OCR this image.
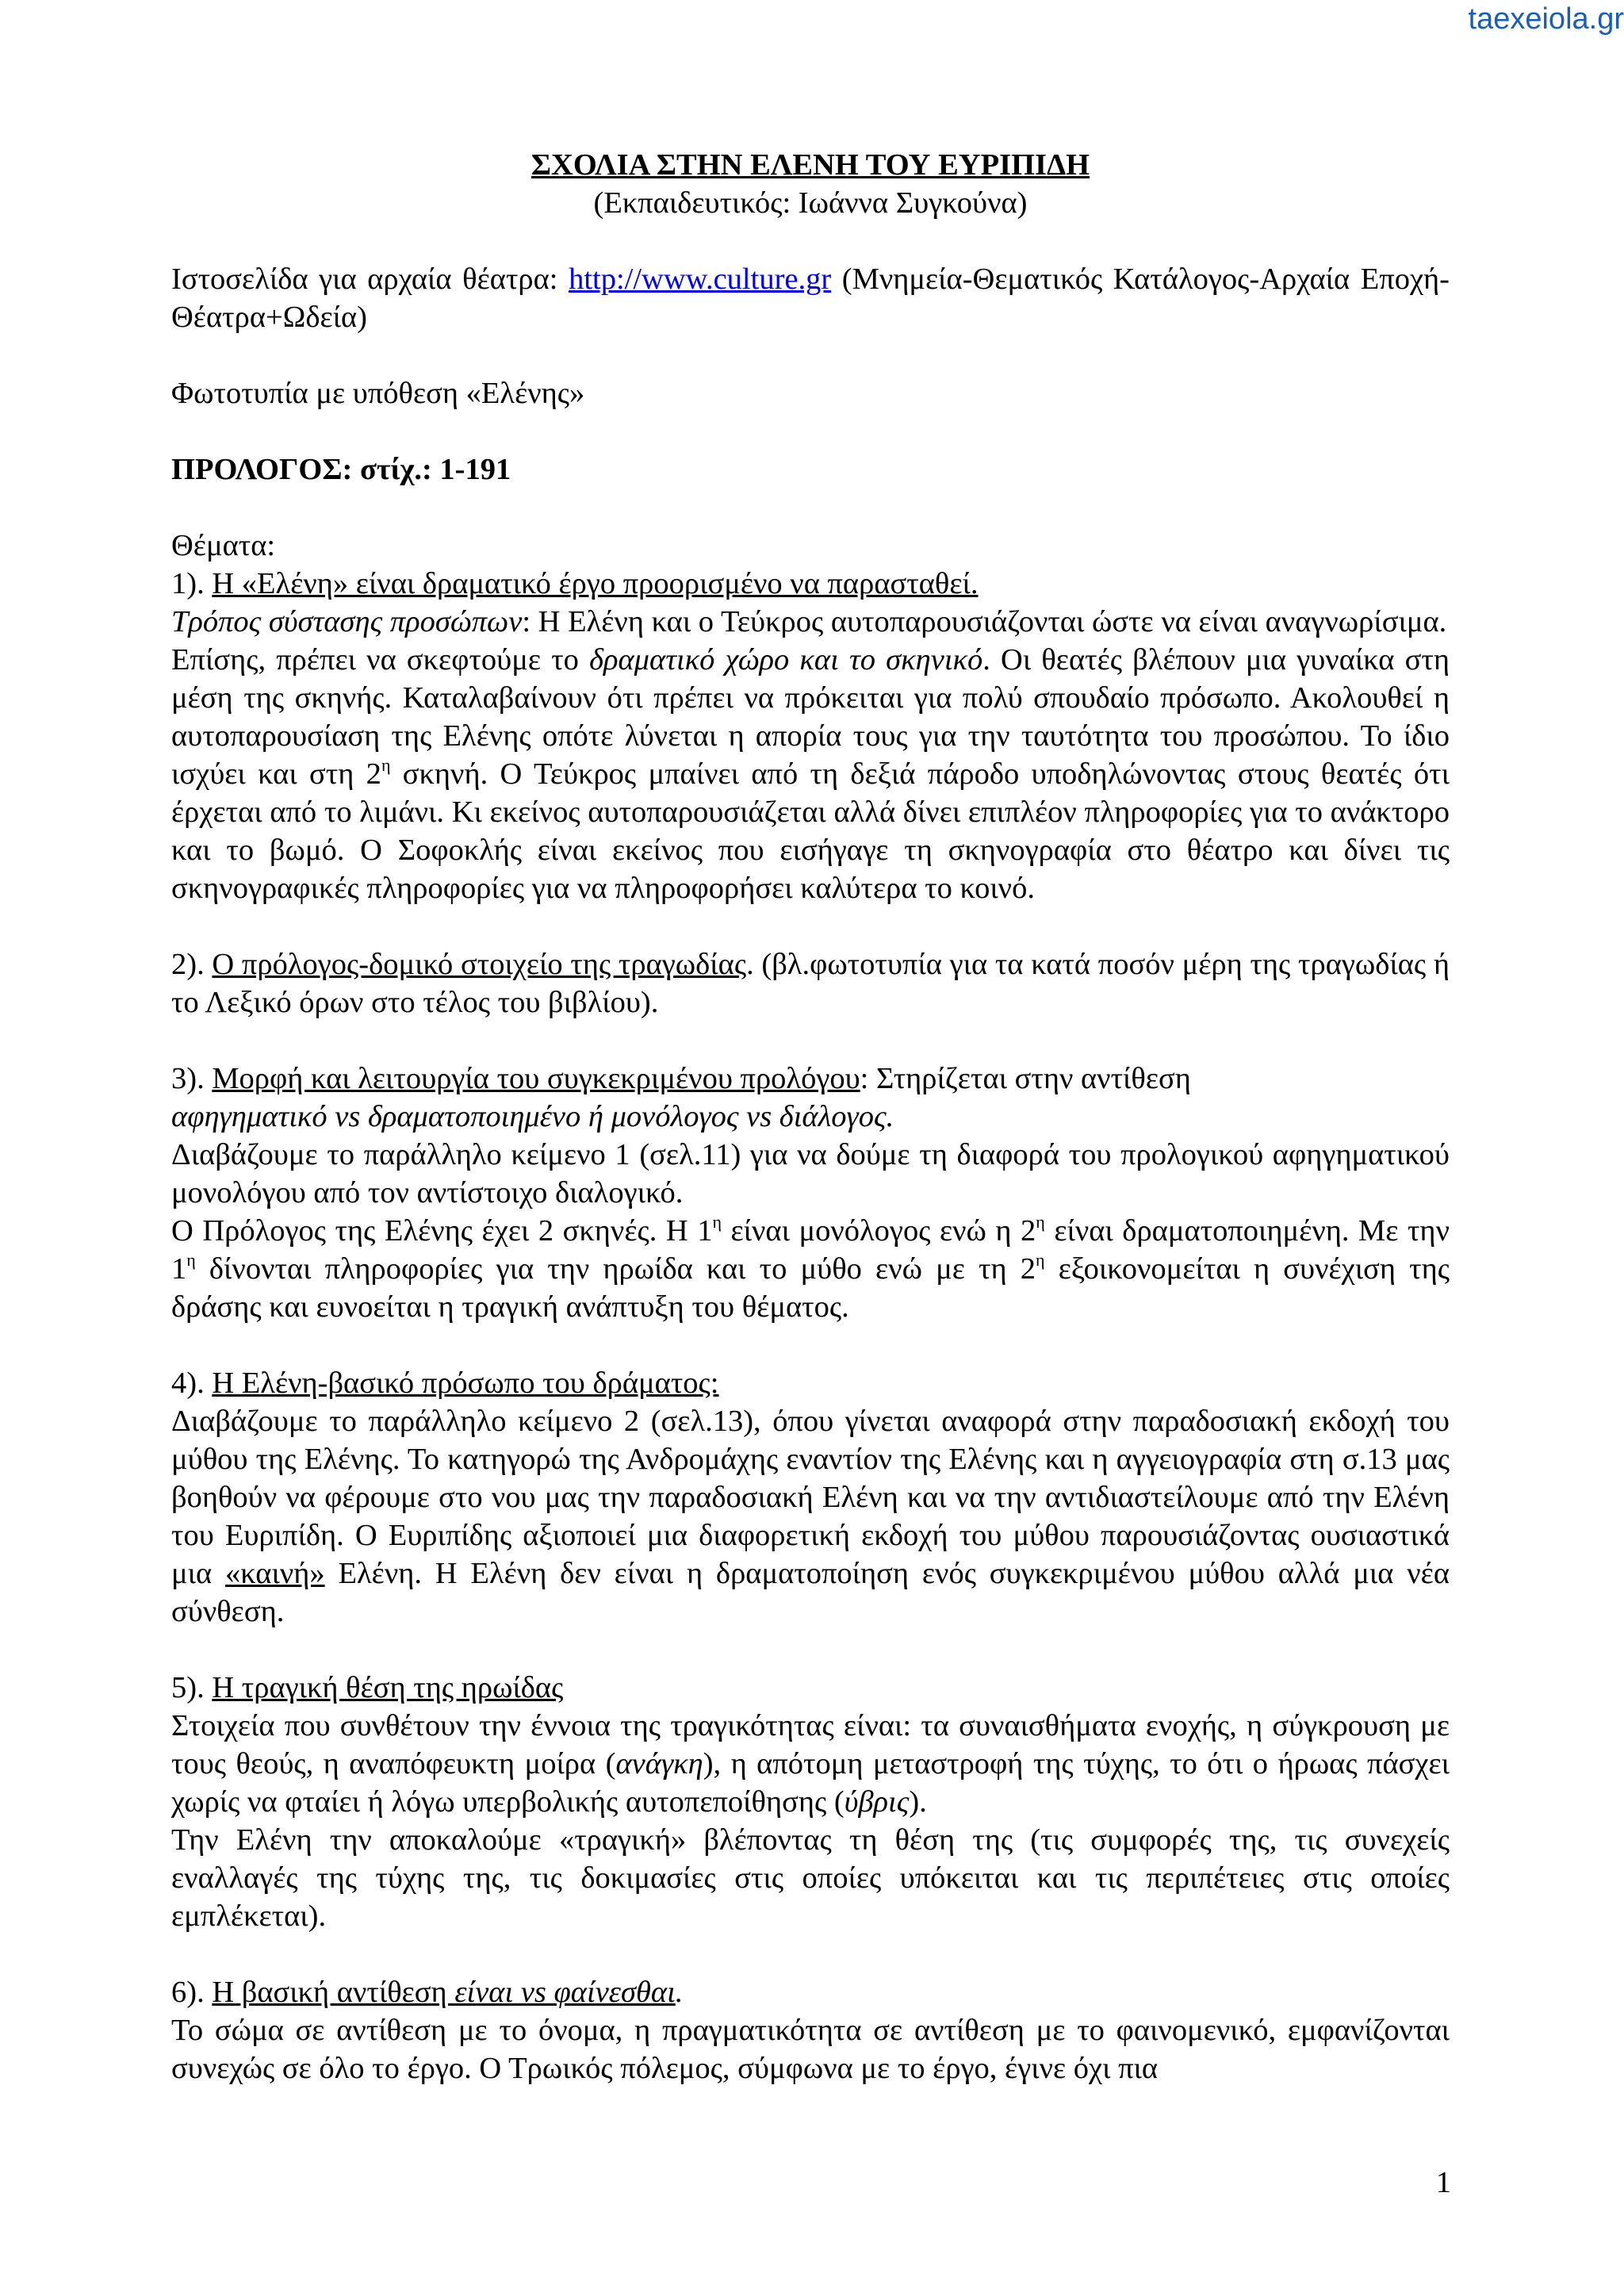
taexeiola.gr
ΣΧΟΛΙΑ ΣΤΗΝ ΕΛΕΝΗ ΤΟΥ ΕΥΡΙΠΙΔΗ
(Εκπαιδευτικός: Ιωάννα Συγκούνα)
Ιστοσελίδα για αρχαία θέατρα: http://www.culture.gr (Μνημεία-Θεματικός Κατάλογος-Αρχαία Εποχή-Θέατρα+Ωδεία)
Φωτοτυπία με υπόθεση «Ελένης»
ΠΡΟΛΟΓΟΣ: στίχ.: 1-191
Θέματα:
1). Η «Ελένη» είναι δραματικό έργο προορισμένο να παρασταθεί.
Τρόπος σύστασης προσώπων: Η Ελένη και ο Τεύκρος αυτοπαρουσιάζονται ώστε να είναι αναγνωρίσιμα.
Επίσης, πρέπει να σκεφτούμε το δραματικό χώρο και το σκηνικό. Οι θεατές βλέπουν μια γυναίκα στη μέση της σκηνής. Καταλαβαίνουν ότι πρέπει να πρόκειται για πολύ σπουδαίο πρόσωπο. Ακολουθεί η αυτοπαρουσίαση της Ελένης οπότε λύνεται η απορία τους για την ταυτότητα του προσώπου. Το ίδιο ισχύει και στη $2^\eta$ σκηνή. Ο Τεύκρος μπαίνει από τη δεξιά πάροδο υποδηλώνοντας στους θεατές ότι έρχεται από το λιμάνι. Κι εκείνος αυτοπαρουσιάζεται αλλά δίνει επιπλέον πληροφορίες για το ανάκτορο και το βωμό. Ο Σοφοκλής είναι εκείνος που εισήγαγε τη σκηνογραφία στο θέατρο και δίνει τις σκηνογραφικές πληροφορίες για να πληροφορήσει καλύτερα το κοινό.
2). Ο πρόλογος-δομικό στοιχείο της τραγωδίας. (βλ.φωτοτυπία για τα κατά ποσόν μέρη της τραγωδίας ή το Λεξικό όρων στο τέλος του βιβλίου).
3). Μορφή και λειτουργία του συγκεκριμένου προλόγου: Στηρίζεται στην αντίθεση
αφηγηματικό vs δραματοποιημένο ή μονόλογος vs διάλογος.
Διαβάζουμε το παράλληλο κείμενο 1 (σελ.11) για να δούμε τη διαφορά του προλογικού αφηγηματικού μονολόγου από τον αντίστοιχο διαλογικό.
Ο Πρόλογος της Ελένης έχει 2 σκηνές. Η $1^\eta$ είναι μονόλογος ενώ η $2^\eta$ είναι δραματοποιημένη. Με την $1^\eta$ δίνονται πληροφορίες για την ηρωίδα και το μύθο ενώ με τη $2^\eta$ εξοικονομείται η συνέχιση της δράσης και ευνοείται η τραγική ανάπτυξη του θέματος.
4). Η Ελένη-βασικό πρόσωπο του δράματος:
Διαβάζουμε το παράλληλο κείμενο 2 (σελ.13), όπου γίνεται αναφορά στην παραδοσιακή εκδοχή του μύθου της Ελένης. Το κατηγορώ της Ανδρομάχης εναντίον της Ελένης και η αγγειογραφία στη σ.13 μας βοηθούν να φέρουμε στο νου μας την παραδοσιακή Ελένη και να την αντιδιαστείλουμε από την Ελένη του Ευριπίδη. Ο Ευριπίδης αξιοποιεί μια διαφορετική εκδοχή του μύθου παρουσιάζοντας ουσιαστικά μια «καινή» Ελένη. Η Ελένη δεν είναι η δραματοποίηση ενός συγκεκριμένου μύθου αλλά μια νέα σύνθεση.
5). Η τραγική θέση της ηρωίδας
Στοιχεία που συνθέτουν την έννοια της τραγικότητας είναι: τα συναισθήματα ενοχής, η σύγκρουση με τους θεούς, η αναπόφευκτη μοίρα (ανάγκη), η απότομη μεταστροφή της τύχης, το ότι ο ήρωας πάσχει χωρίς να φταίει ή λόγω υπερβολικής αυτοπεποίθησης (ύβρις).
Την Ελένη την αποκαλούμε «τραγική» βλέποντας τη θέση της (τις συμφορές της, τις συνεχείς εναλλαγές της τύχης της, τις δοκιμασίες στις οποίες υπόκειται και τις περιπέτειες στις οποίες εμπλέκεται).
6). Η βασική αντίθεση είναι vs φαίνεσθαι.
Το σώμα σε αντίθεση με το όνομα, η πραγματικότητα σε αντίθεση με το φαινομενικό, εμφανίζονται συνεχώς σε όλο το έργο. Ο Τρωικός πόλεμος, σύμφωνα με το έργο, έγινε όχι πια
1
